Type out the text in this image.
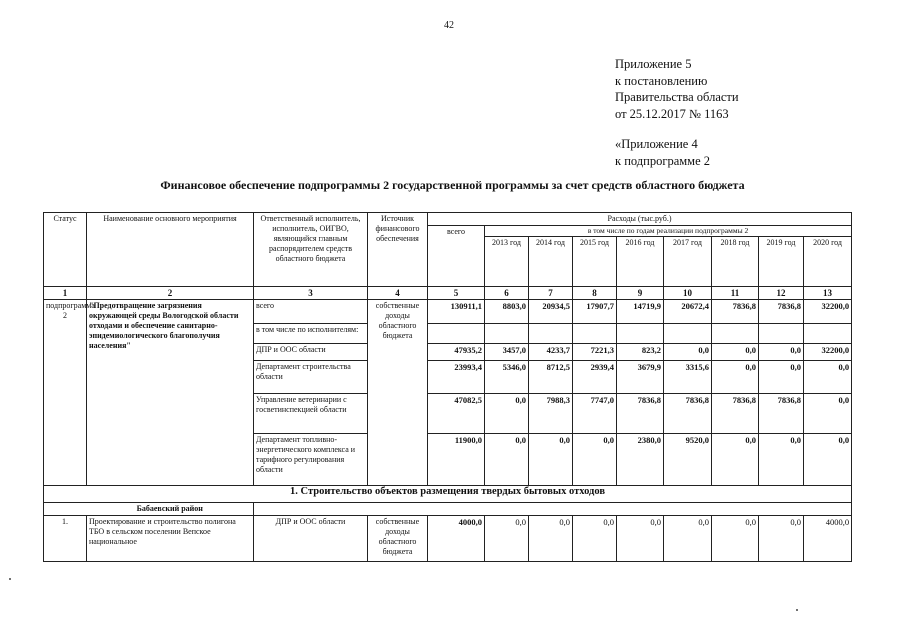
42
Приложение 5
к постановлению
Правительства области
от 25.12.2017 № 1163
«Приложение 4
к подпрограмме 2
Финансовое обеспечение подпрограммы 2 государственной программы за счет средств областного бюджета
Статус	Наименование основного мероприятия	Ответственный исполнитель, исполнитель, ОИГВО, являющийся главным распорядителем средств областного бюджета	Источник финансового обеспечения	Расходы (тыс.руб.)								
				всего	в том числе по годам реализации подпрограммы 2							
					2013 год	2014 год	2015 год	2016 год	2017 год	2018 год	2019 год	2020 год
1	2	3	4	5	6	7	8	9	10	11	12	13
подпрограмма 2	"Предотвращение загрязнения окружающей среды Вологодской области отходами и обеспечение санитарно-эпидемиологического благополучия населения"	всего	собственные доходы областного бюджета	130911,1	8803,0	20934,5	17907,7	14719,9	20672,4	7836,8	7836,8	32200,0
		в том числе по исполнителям:										
		ДПР и ООС области		47935,2	3457,0	4233,7	7221,3	823,2	0,0	0,0	0,0	32200,0
		Департамент строительства области		23993,4	5346,0	8712,5	2939,4	3679,9	3315,6	0,0	0,0	0,0
		Управление ветеринарии с госветинспекцией области		47082,5	0,0	7988,3	7747,0	7836,8	7836,8	7836,8	7836,8	0,0
		Департамент топливно-энергетического комплекса и тарифного регулирования области		11900,0	0,0	0,0	0,0	2380,0	9520,0	0,0	0,0	0,0
1. Строительство объектов размещения твердых бытовых отходов												
	Бабаевский район											
1.	Проектирование и строительство полигона ТБО в сельском поселении Вепское национальное	ДПР и ООС области	собственные доходы областного бюджета	4000,0	0,0	0,0	0,0	0,0	0,0	0,0	0,0	4000,0
